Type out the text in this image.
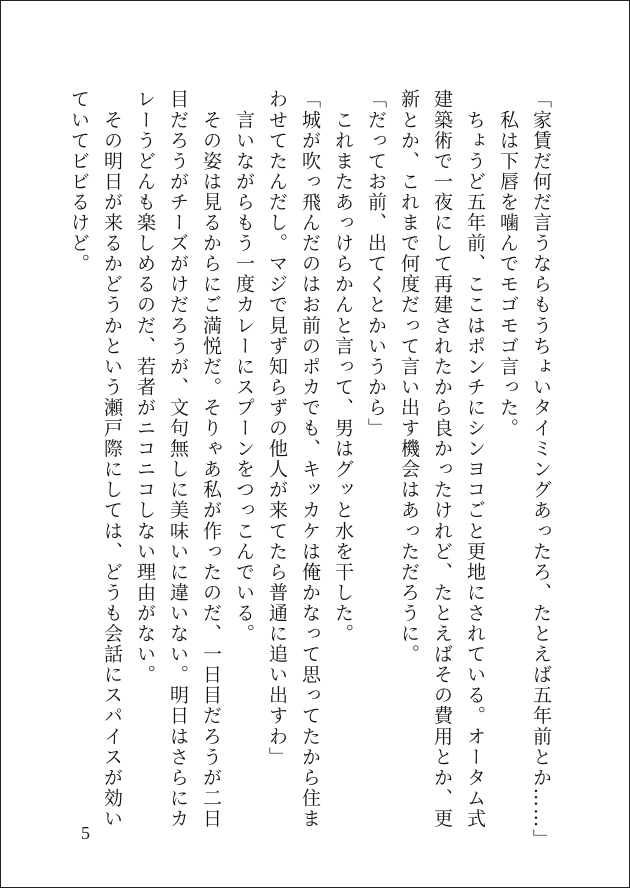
「家賃だ何だ言うならもうちょいタイミングあったろ、たとえば五年前とか……」

　私は下唇を噛んでモゴモゴ言った。

　ちょうど五年前、ここはポンチにシンヨコごと更地にされている。オータム式

建築術で一夜にして再建されたから良かったけれど、たとえばその費用とか、更

新とか、これまで何度だって言い出す機会はあっただろうに。

「だってお前、出てくとかいうから」

　これまたあっけらかんと言って、男はグッと水を干した。

「城が吹っ飛んだのはお前のポカでも、キッカケは俺かなって思ってたから住ま

わせてたんだし。マジで見ず知らずの他人が来てたら普通に追い出すわ」

　言いながらもう一度カレーにスプーンをつっこんでいる。

　その姿は見るからにご満悦だ。そりゃあ私が作ったのだ、一日目だろうが二日

目だろうがチーズがけだろうが、文句無しに美味いに違いない。明日はさらにカ

レーうどんも楽しめるのだ、若者がニコニコしない理由がない。

　その明日が来るかどうかという瀬戸際にしては、どうも会話にスパイスが効い

ていてビビるけど。

5
